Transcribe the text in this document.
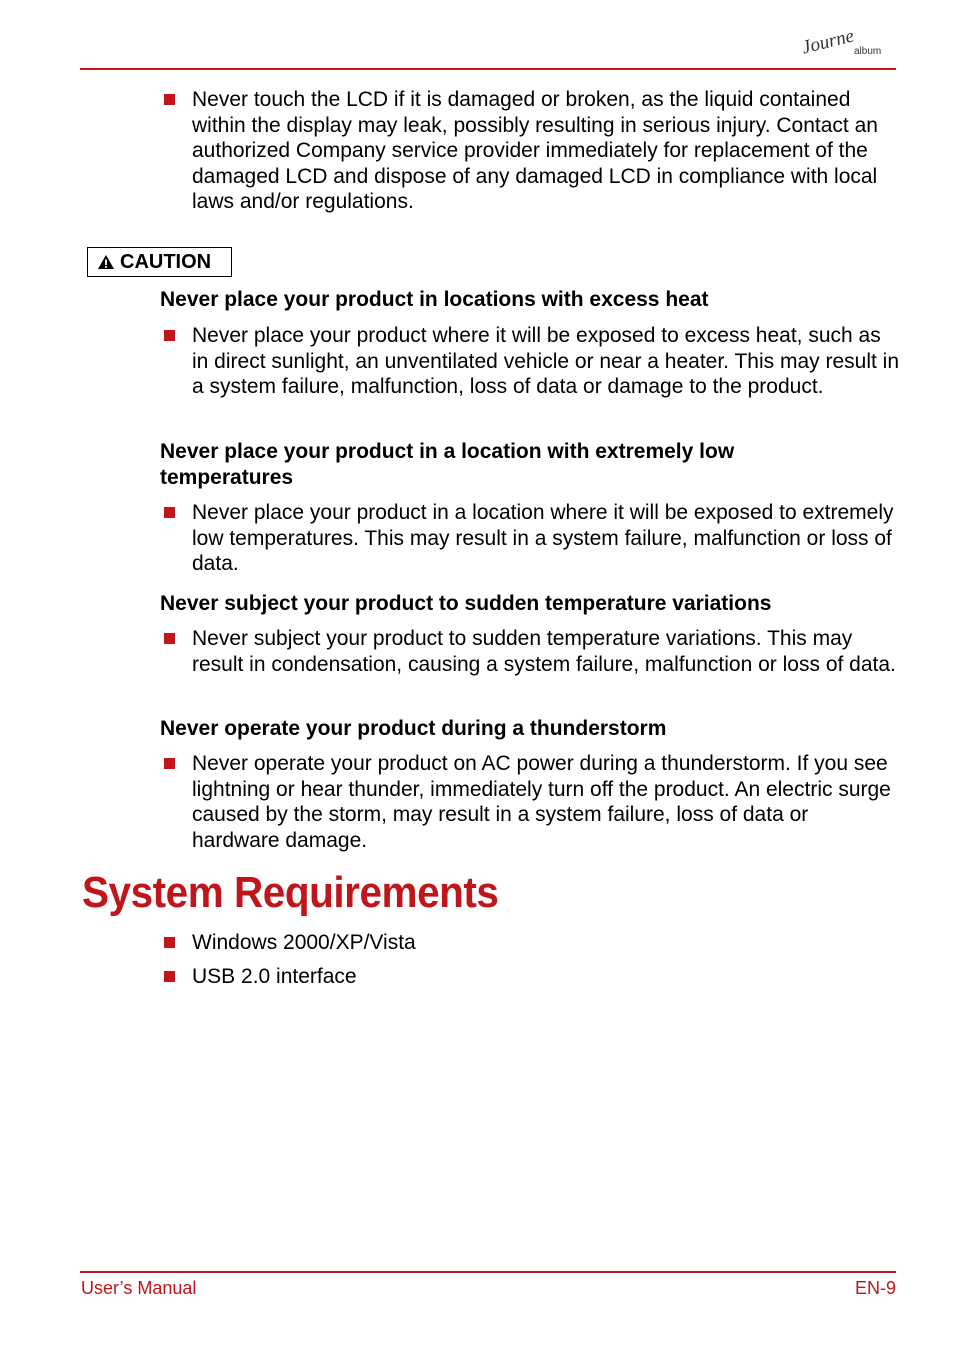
Journe
album
Never touch the LCD if it is damaged or broken, as the liquid contained within the display may leak, possibly resulting in serious injury. Contact an authorized Company service provider immediately for replacement of the damaged LCD and dispose of any damaged LCD in compliance with local laws and/or regulations.
CAUTION
Never place your product in locations with excess heat
Never place your product where it will be exposed to excess heat, such as in direct sunlight, an unventilated vehicle or near a heater. This may result in a system failure, malfunction, loss of data or damage to the product.
Never place your product in a location with extremely low temperatures
Never place your product in a location where it will be exposed to extremely low temperatures. This may result in a system failure, malfunction or loss of data.
Never subject your product to sudden temperature variations
Never subject your product to sudden temperature variations. This may result in condensation, causing a system failure, malfunction or loss of data.
Never operate your product during a thunderstorm
Never operate your product on AC power during a thunderstorm. If you see lightning or hear thunder, immediately turn off the product. An electric surge caused by the storm, may result in a system failure, loss of data or hardware damage.
System Requirements
Windows 2000/XP/Vista
USB 2.0 interface
User’s Manual	EN-9
